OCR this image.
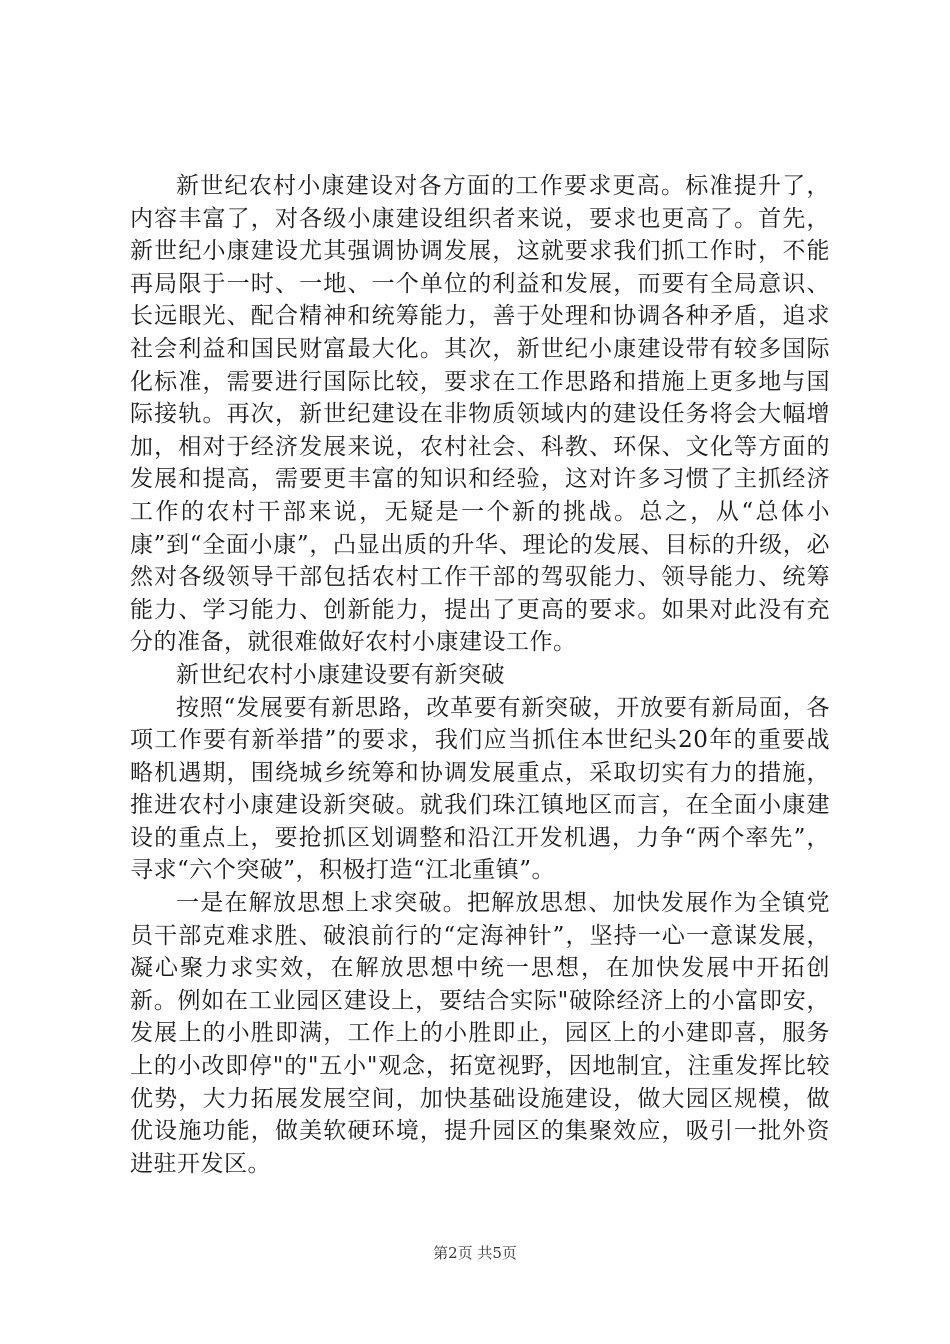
新世纪农村小康建设对各方面的工作要求更高。标准提升了，内容丰富了，对各级小康建设组织者来说，要求也更高了。首先，新世纪小康建设尤其强调协调发展，这就要求我们抓工作时，不能再局限于一时、一地、一个单位的利益和发展，而要有全局意识、长远眼光、配合精神和统筹能力，善于处理和协调各种矛盾，追求社会利益和国民财富最大化。其次，新世纪小康建设带有较多国际化标准，需要进行国际比较，要求在工作思路和措施上更多地与国际接轨。再次，新世纪建设在非物质领域内的建设任务将会大幅增加，相对于经济发展来说，农村社会、科教、环保、文化等方面的发展和提高，需要更丰富的知识和经验，这对许多习惯了主抓经济工作的农村干部来说，无疑是一个新的挑战。总之，从“总体小康”到“全面小康”，凸显出质的升华、理论的发展、目标的升级，必然对各级领导干部包括农村工作干部的驾驭能力、领导能力、统筹能力、学习能力、创新能力，提出了更高的要求。如果对此没有充分的准备，就很难做好农村小康建设工作。

新世纪农村小康建设要有新突破

按照“发展要有新思路，改革要有新突破，开放要有新局面，各项工作要有新举措”的要求，我们应当抓住本世纪头20年的重要战略机遇期，围绕城乡统筹和协调发展重点，采取切实有力的措施，推进农村小康建设新突破。就我们珠江镇地区而言，在全面小康建设的重点上，要抢抓区划调整和沿江开发机遇，力争“两个率先”，寻求“六个突破”，积极打造“江北重镇”。

一是在解放思想上求突破。把解放思想、加快发展作为全镇党员干部克难求胜、破浪前行的“定海神针”，坚持一心一意谋发展，凝心聚力求实效，在解放思想中统一思想，在加快发展中开拓创新。例如在工业园区建设上，要结合实际"破除经济上的小富即安，发展上的小胜即满，工作上的小胜即止，园区上的小建即喜，服务上的小改即停"的"五小"观念，拓宽视野，因地制宜，注重发挥比较优势，大力拓展发展空间，加快基础设施建设，做大园区规模，做优设施功能，做美软硬环境，提升园区的集聚效应，吸引一批外资进驻开发区。

第2页 共5页
